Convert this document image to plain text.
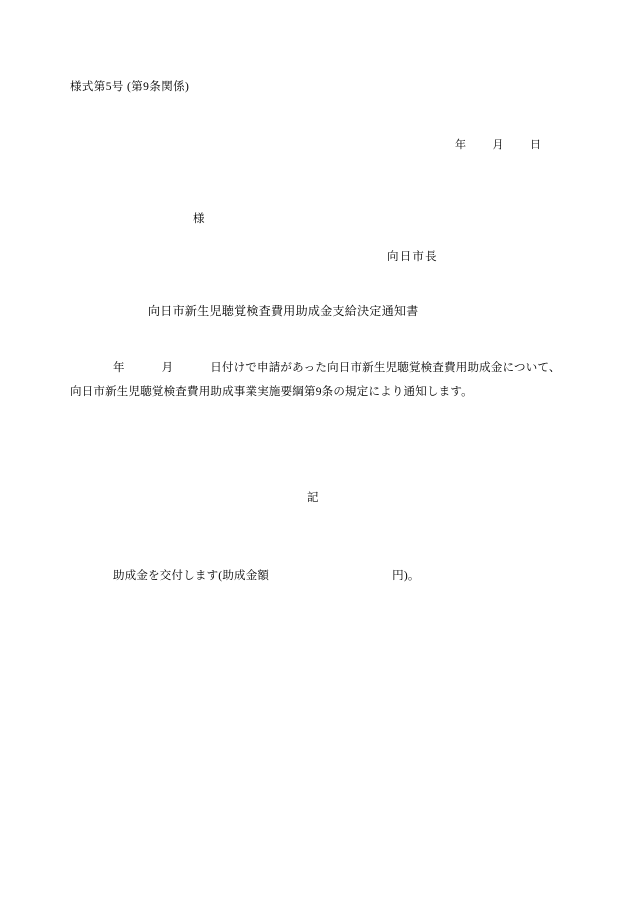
様式第5号 (第9条関係)
年        月        日
様
向日市長
向日市新生児聴覚検査費用助成金支給決定通知書
年            月            日付けで申請があった向日市新生児聴覚検査費用助成金について、
向日市新生児聴覚検査費用助成事業実施要綱第9条の規定により通知します。
記
助成金を交付します(助成金額                                        円)。
